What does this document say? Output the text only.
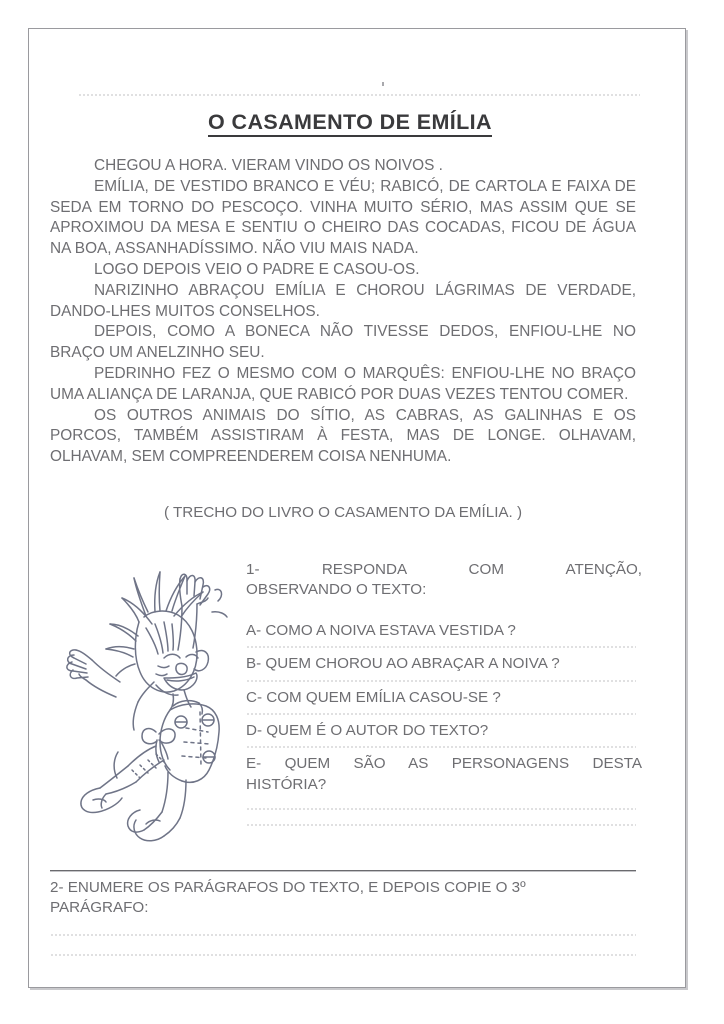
O CASAMENTO DE EMÍLIA

CHEGOU A HORA. VIERAM VINDO OS NOIVOS .

EMÍLIA, DE VESTIDO BRANCO E VÉU; RABICÓ, DE CARTOLA E FAIXA DE SEDA EM TORNO DO PESCOÇO. VINHA MUITO SÉRIO, MAS ASSIM QUE SE APROXIMOU DA MESA E SENTIU O CHEIRO DAS COCADAS, FICOU DE ÁGUA NA BOA, ASSANHADÍSSIMO. NÃO VIU MAIS NADA.

LOGO DEPOIS VEIO O PADRE E CASOU-OS.

NARIZINHO ABRAÇOU EMÍLIA E CHOROU LÁGRIMAS DE VERDADE, DANDO-LHES MUITOS CONSELHOS.

DEPOIS, COMO A BONECA NÃO TIVESSE DEDOS, ENFIOU-LHE NO BRAÇO UM ANELZINHO SEU.

PEDRINHO FEZ O MESMO COM O MARQUÊS: ENFIOU-LHE NO BRAÇO UMA ALIANÇA DE LARANJA, QUE RABICÓ POR DUAS VEZES TENTOU COMER.

OS OUTROS ANIMAIS DO SÍTIO, AS CABRAS, AS GALINHAS E OS PORCOS, TAMBÉM ASSISTIRAM À FESTA, MAS DE LONGE. OLHAVAM, OLHAVAM, SEM COMPREENDEREM COISA NENHUMA.

( TRECHO DO LIVRO O CASAMENTO DA EMÍLIA. )
1- RESPONDA COM ATENÇÃO,
OBSERVANDO O TEXTO:
A- COMO A NOIVA ESTAVA VESTIDA ?
B- QUEM CHOROU AO ABRAÇAR A NOIVA ?
C- COM QUEM EMÍLIA CASOU-SE ?
D- QUEM É O AUTOR DO TEXTO?
E- QUEM SÃO AS PERSONAGENS DESTA
HISTÓRIA?
2- ENUMERE OS PARÁGRAFOS DO TEXTO, E DEPOIS COPIE O 3º
PARÁGRAFO:
